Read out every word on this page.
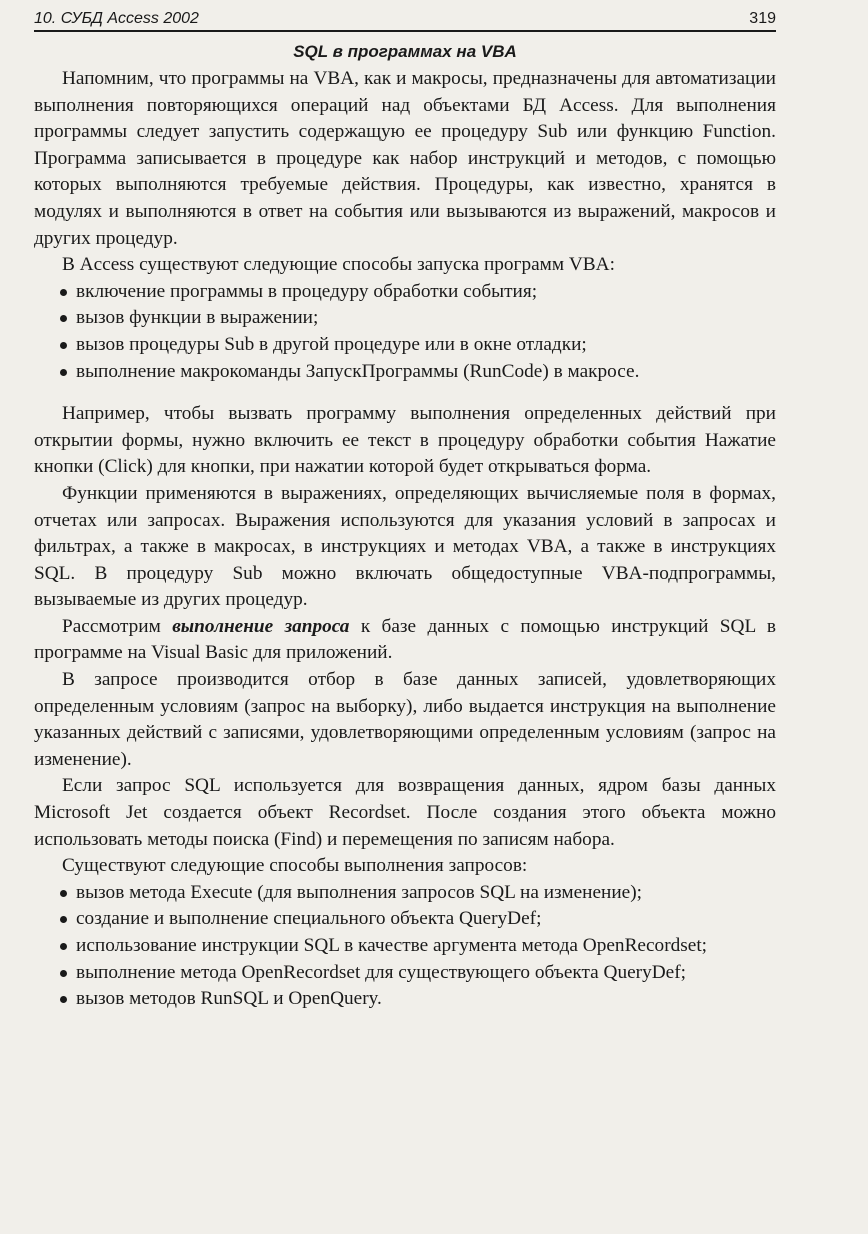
10. СУБД Access 2002	319
SQL в программах на VBA

Напомним, что программы на VBA, как и макросы, предназначены для автоматизации выполнения повторяющихся операций над объектами БД Access. Для выполнения программы следует запустить содержащую ее процедуру Sub или функцию Function. Программа записывается в процедуре как набор инструкций и методов, с помощью которых выполняются требуемые действия. Процедуры, как известно, хранятся в модулях и выполняются в ответ на события или вызываются из выражений, макросов и других процедур.

В Access существуют следующие способы запуска программ VBA:

включение программы в процедуру обработки события;
вызов функции в выражении;
вызов процедуры Sub в другой процедуре или в окне отладки;
выполнение макрокоманды ЗапускПрограммы (RunCode) в макросе.

Например, чтобы вызвать программу выполнения определенных действий при открытии формы, нужно включить ее текст в процедуру обработки события Нажатие кнопки (Click) для кнопки, при нажатии которой будет открываться форма.

Функции применяются в выражениях, определяющих вычисляемые поля в формах, отчетах или запросах. Выражения используются для указания условий в запросах и фильтрах, а также в макросах, в инструкциях и методах VBA, а также в инструкциях SQL. В процедуру Sub можно включать общедоступные VBA-подпрограммы, вызываемые из других процедур.

Рассмотрим выполнение запроса к базе данных с помощью инструкций SQL в программе на Visual Basic для приложений.

В запросе производится отбор в базе данных записей, удовлетворяющих определенным условиям (запрос на выборку), либо выдается инструкция на выполнение указанных действий с записями, удовлетворяющими определенным условиям (запрос на изменение).

Если запрос SQL используется для возвращения данных, ядром базы данных Microsoft Jet создается объект Recordset. После создания этого объекта можно использовать методы поиска (Find) и перемещения по записям набора.

Существуют следующие способы выполнения запросов:

вызов метода Execute (для выполнения запросов SQL на изменение);
создание и выполнение специального объекта QueryDef;
использование инструкции SQL в качестве аргумента метода OpenRecordset;
выполнение метода OpenRecordset для существующего объекта QueryDef;
вызов методов RunSQL и OpenQuery.
